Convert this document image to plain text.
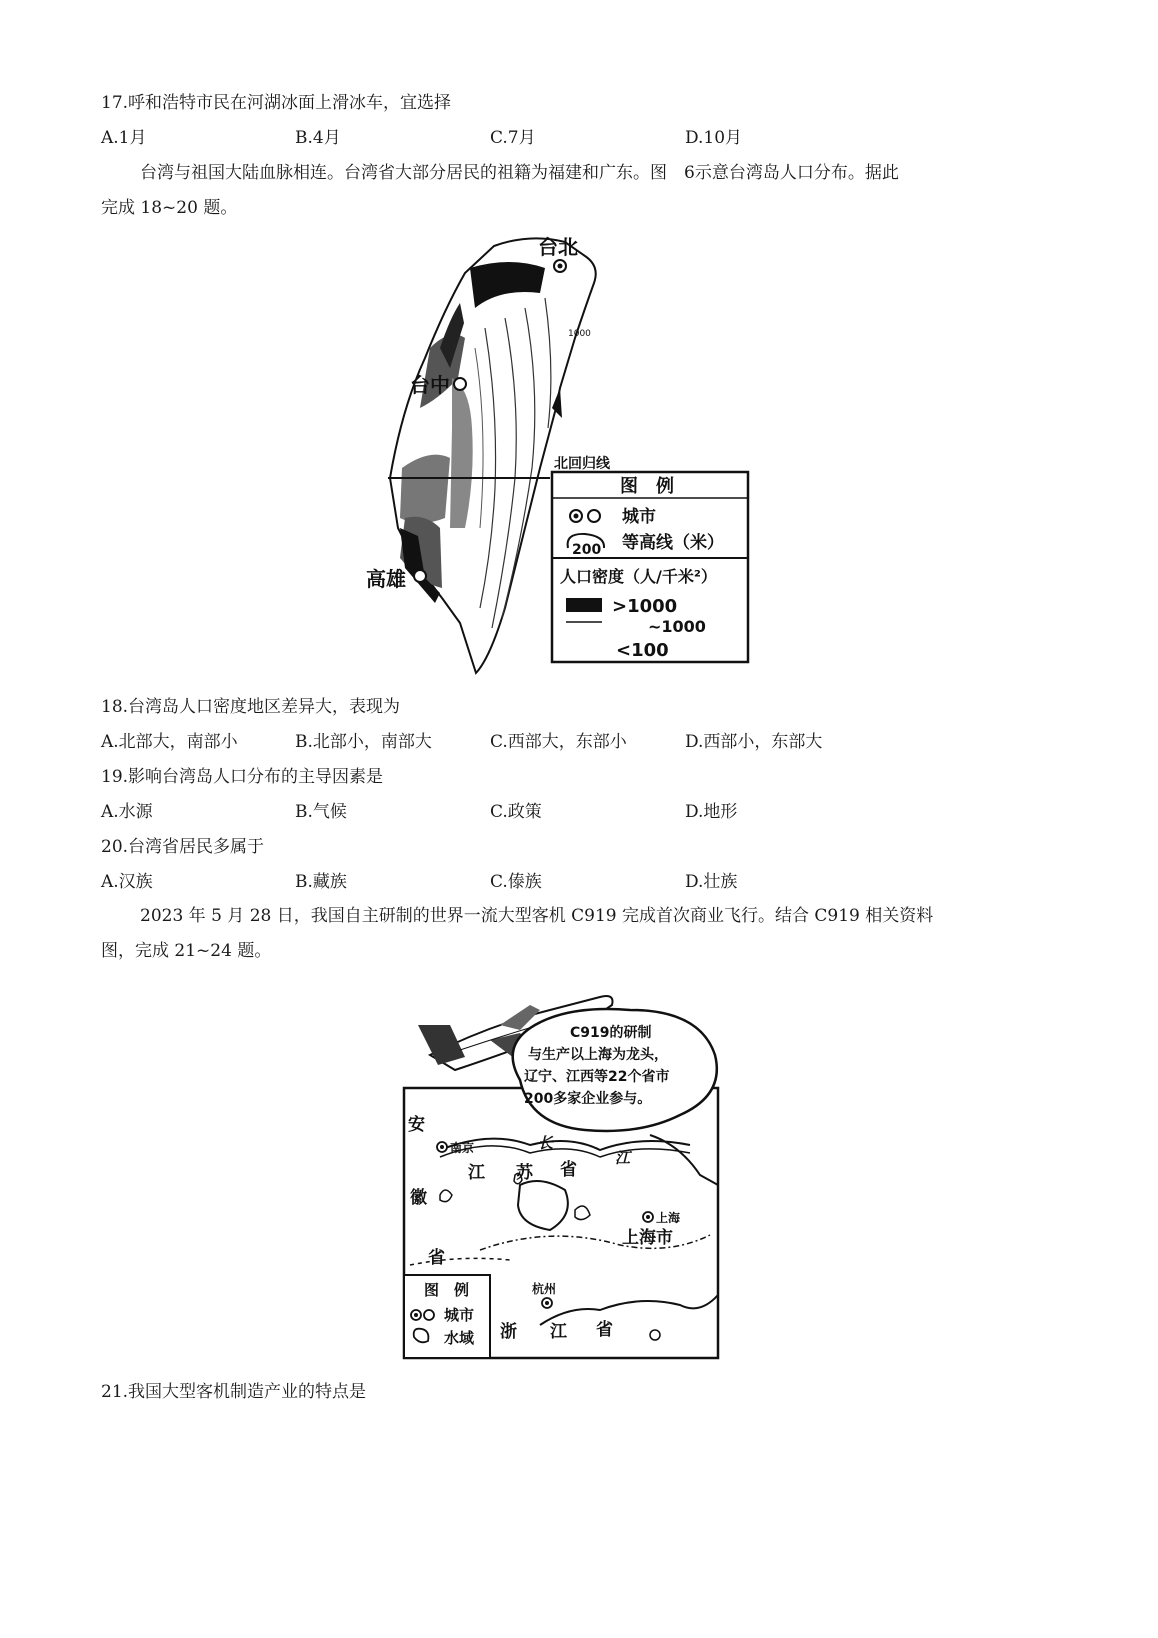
17.呼和浩特市民在河湖冰面上滑冰车，宜选择
A.1月	B.4月	C.7月	D.10月
台湾与祖国大陆血脉相连。台湾省大部分居民的祖籍为福建和广东。图　6示意台湾岛人口分布。据此
完成 18~20 题。
1000
台北
台中
高雄
北回归线
图　例
城市
200 等高线（米）
人口密度（人/千米²）
>1000
~1000
<100
18.台湾岛人口密度地区差异大，表现为
A.北部大，南部小	B.北部小，南部大	C.西部大，东部小	D.西部小，东部大
19.影响台湾岛人口分布的主导因素是
A.水源	B.气候	C.政策	D.地形
20.台湾省居民多属于
A.汉族	B.藏族	C.傣族	D.壮族
2023 年 5 月 28 日，我国自主研制的世界一流大型客机 C919 完成首次商业飞行。结合 C919 相关资料
图，完成 21~24 题。
C919的研制
与生产以上海为龙头，
辽宁、江西等22个省市
200多家企业参与。
南京
上海
杭州
安
徽
省
江 苏 省
上海市
浙 江 省
长
江
图　例
城市
水域
21.我国大型客机制造产业的特点是
